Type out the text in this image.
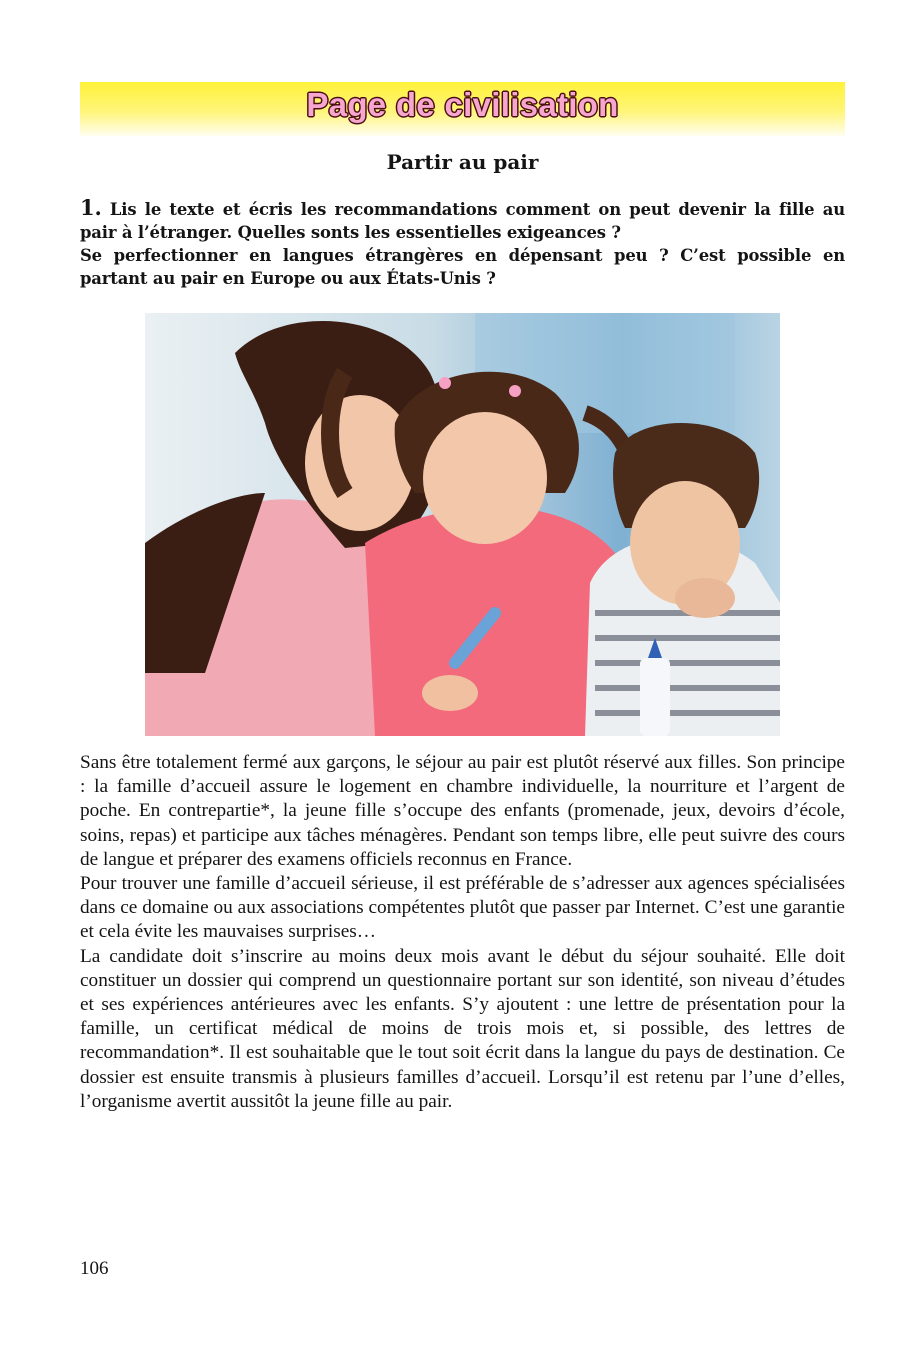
Page de civilisation
Partir au pair
1. Lis le texte et écris les recommandations comment on peut devenir la fille au pair à l’étranger. Quelles sonts les essentielles exigeances ?
Se perfectionner en langues étrangères en dépensant peu ? C’est possible en partant au pair en Europe ou aux États-Unis ?

Sans être totalement fermé aux garçons, le séjour au pair est plutôt réservé aux filles. Son principe : la famille d’accueil assure le logement en chambre individuelle, la nourriture et l’argent de poche. En contrepartie*, la jeune fille s’occupe des enfants (promenade, jeux, devoirs d’école, soins, repas) et participe aux tâches ménagères. Pendant son temps libre, elle peut suivre des cours de langue et préparer des examens officiels reconnus en France.

Pour trouver une famille d’accueil sérieuse, il est préférable de s’adresser aux agences spécialisées dans ce domaine ou aux associations compétentes plutôt que passer par Internet. C’est une garantie et cela évite les mauvaises surprises…

La candidate doit s’inscrire au moins deux mois avant le début du séjour souhaité. Elle doit constituer un dossier qui comprend un questionnaire portant sur son identité, son niveau d’études et ses expériences antérieures avec les enfants. S’y ajoutent : une lettre de présentation pour la famille, un certificat médical de moins de trois mois et, si possible, des lettres de recommandation*. Il est souhaitable que le tout soit écrit dans la langue du pays de destination. Ce dossier est ensuite transmis à plusieurs familles d’accueil. Lorsqu’il est retenu par l’une d’elles, l’organisme avertit aussitôt la jeune fille au pair.

106
